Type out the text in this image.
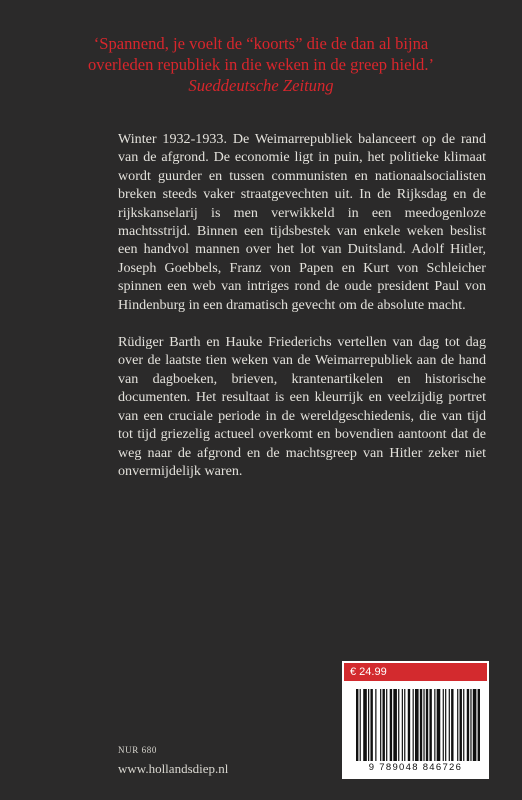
‘Spannend, je voelt de “koorts” die de dan al bijna
overleden republiek in die weken in de greep hield.’
Sueddeutsche Zeitung

Winter 1932-1933. De Weimarrepubliek balanceert op de rand van de afgrond. De economie ligt in puin, het politieke klimaat wordt guurder en tussen communisten en nationaalsocialisten breken steeds vaker straatgevechten uit. In de Rijksdag en de rijkskanselarij is men verwikkeld in een meedogenloze machtsstrijd. Binnen een tijdsbestek van enkele weken beslist een handvol mannen over het lot van Duitsland. Adolf Hitler, Joseph Goebbels, Franz von Papen en Kurt von Schleicher spinnen een web van intriges rond de oude president Paul von Hindenburg in een dramatisch gevecht om de absolute macht.

Rüdiger Barth en Hauke Friederichs vertellen van dag tot dag over de laatste tien weken van de Weimarrepubliek aan de hand van dagboeken, brieven, krantenartikelen en historische documenten. Het resultaat is een kleurrijk en veelzijdig portret van een cruciale periode in de wereldgeschiedenis, die van tijd tot tijd griezelig actueel overkomt en bovendien aantoont dat de weg naar de afgrond en de machtsgreep van Hitler zeker niet onvermijdelijk waren.

NUR 680
www.hollandsdiep.nl
€ 24.99
9 789048 846726
